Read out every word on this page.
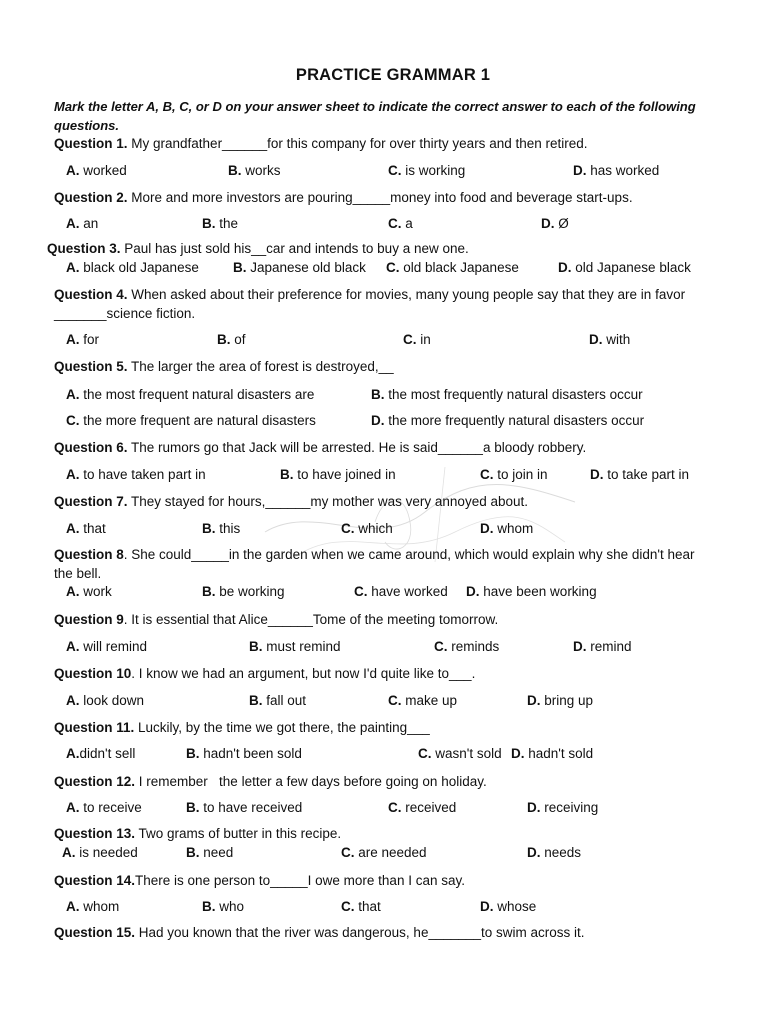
PRACTICE GRAMMAR 1
Mark the letter A, B, C, or D on your answer sheet to indicate the correct answer to each of the following questions.
Question 1. My grandfather______for this company for over thirty years and then retired.
A. worked	B. works	C. is working	D. has worked
Question 2. More and more investors are pouring_____money into food and beverage start-ups.
A. an	B. the	C. a	D. Ø
Question 3. Paul has just sold his__car and intends to buy a new one.
A. black old Japanese	B. Japanese old black C. old black Japanese	D. old Japanese black
Question 4. When asked about their preference for movies, many young people say that they are in favor _______science fiction.
A. for	B. of	C. in	D. with
Question 5. The larger the area of forest is destroyed,__
A. the most frequent natural disasters are	B. the most frequently natural disasters occur
C. the more frequent are natural disasters	D. the more frequently natural disasters occur
Question 6. The rumors go that Jack will be arrested. He is said______a bloody robbery.
A. to have taken part in	B. to have joined in	C. to join in	D. to take part in
Question 7. They stayed for hours,______my mother was very annoyed about.
A. that	B. this	C. which	D. whom
Question 8. She could_____in the garden when we came around, which would explain why she didn't hear the bell.
A. work	B. be working	C. have worked D. have been working
Question 9. It is essential that Alice______Tome of the meeting tomorrow.
A. will remind	B. must remind	C. reminds	D. remind
Question 10. I know we had an argument, but now I'd quite like to___.
A. look down	B. fall out	C. make up	D. bring up
Question 11. Luckily, by the time we got there, the painting___
A.didn't sell	B. hadn't been sold	C. wasn't sold D. hadn't sold
Question 12. I remember   the letter a few days before going on holiday.
A. to receive	B. to have received	C. received	D. receiving
Question 13. Two grams of butter in this recipe.
A. is needed	B. need	C. are needed	D. needs
Question 14.There is one person to_____I owe more than I can say.
A. whom	B. who	C. that	D. whose
Question 15. Had you known that the river was dangerous, he_______to swim across it.
